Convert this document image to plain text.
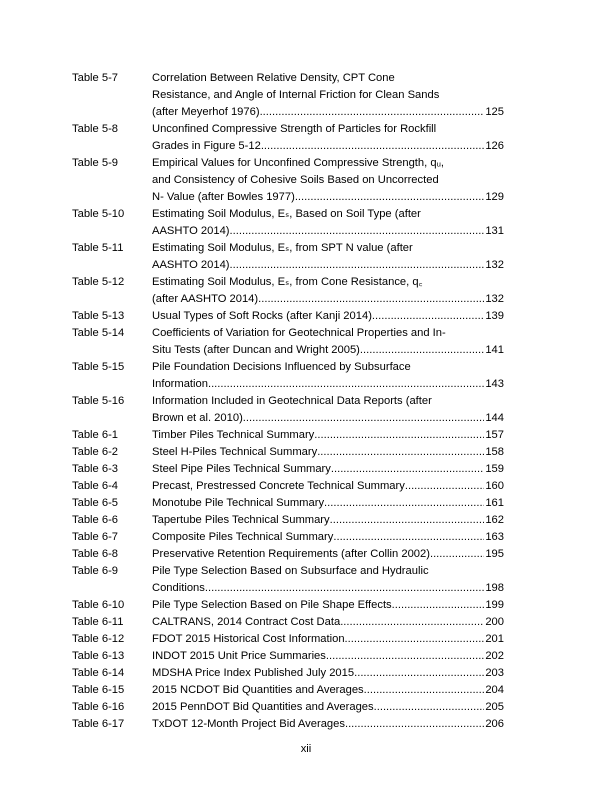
Table 5-7	Correlation Between Relative Density, CPT Cone
Resistance, and Angle of Internal Friction for Clean Sands
(after Meyerhof 1976) .....	125
Table 5-8	Unconfined Compressive Strength of Particles for Rockfill
Grades in Figure 5-12 .....	126
Table 5-9	Empirical Values for Unconfined Compressive Strength, qᵤ,
and Consistency of Cohesive Soils Based on Uncorrected
N- Value (after Bowles 1977) .....	129
Table 5-10	Estimating Soil Modulus, Eₛ, Based on Soil Type (after
AASHTO 2014) .....	131
Table 5-11	Estimating Soil Modulus, Eₛ, from SPT N value (after
AASHTO 2014) .....	132
Table 5-12	Estimating Soil Modulus, Eₛ, from Cone Resistance, q꜀
(after AASHTO 2014) .....	132
Table 5-13	Usual Types of Soft Rocks (after Kanji 2014). .....	139
Table 5-14	Coefficients of Variation for Geotechnical Properties and In-
Situ Tests (after Duncan and Wright 2005) .....	141
Table 5-15	Pile Foundation Decisions Influenced by Subsurface
Information .....	143
Table 5-16	Information Included in Geotechnical Data Reports (after
Brown et al. 2010) .....	144
Table 6-1	Timber Piles Technical Summary .....	157
Table 6-2	Steel H-Piles Technical Summary .....	158
Table 6-3	Steel Pipe Piles Technical Summary .....	159
Table 6-4	Precast, Prestressed Concrete Technical Summary .....	160
Table 6-5	Monotube Pile Technical Summary .....	161
Table 6-6	Tapertube Piles Technical Summary .....	162
Table 6-7	Composite Piles Technical Summary .....	163
Table 6-8	Preservative Retention Requirements (after Collin 2002) .....	195
Table 6-9	Pile Type Selection Based on Subsurface and Hydraulic
Conditions. .....	198
Table 6-10	Pile Type Selection Based on Pile Shape Effects. .....	199
Table 6-11	CALTRANS, 2014 Contract Cost Data .....	200
Table 6-12	FDOT 2015 Historical Cost Information .....	201
Table 6-13	INDOT 2015 Unit Price Summaries .....	202
Table 6-14	MDSHA Price Index Published July 2015 .....	203
Table 6-15	2015 NCDOT Bid Quantities and Averages .....	204
Table 6-16	2015 PennDOT Bid Quantities and Averages .....	205
Table 6-17	TxDOT 12-Month Project Bid Averages .....	206
xii
